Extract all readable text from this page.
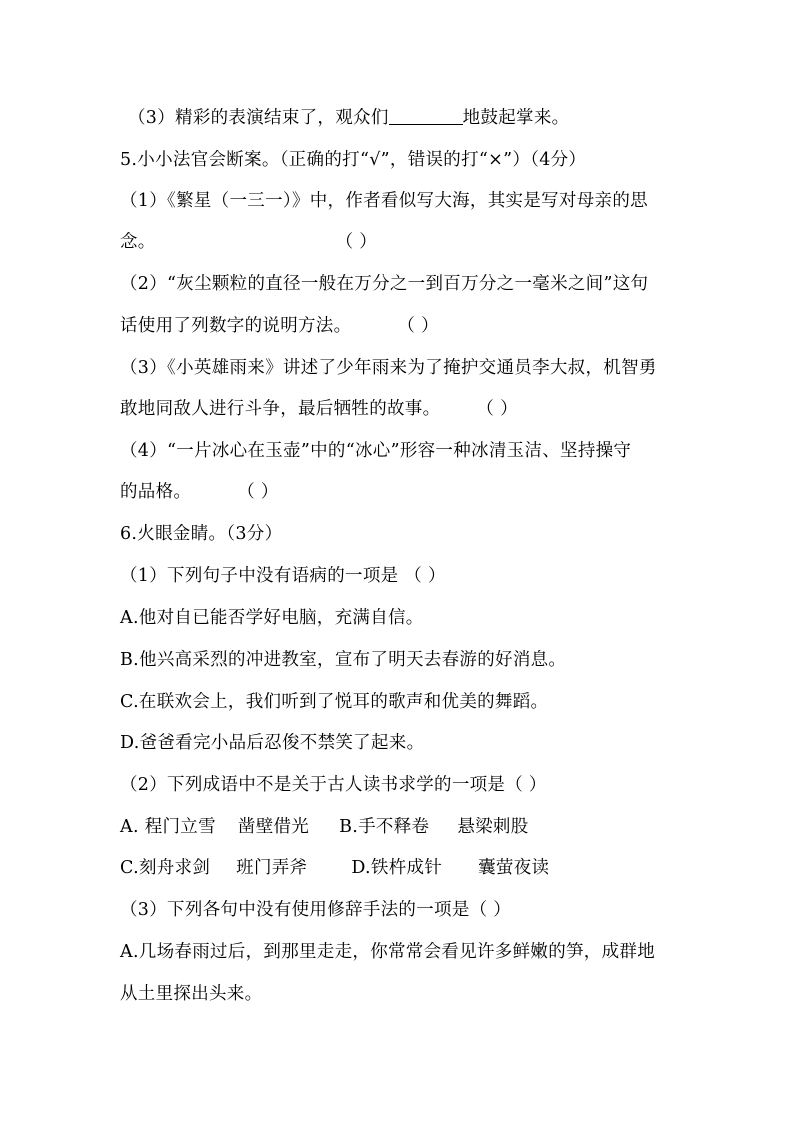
（3）精彩的表演结束了，观众们	地鼓起掌来。
5.小小法官会断案。（正确的打“√”，错误的打“×”）（4分）
（1）《繁星（一三一）》中，作者看似写大海，其实是写对母亲的思
念。	（ ）
（2）“灰尘颗粒的直径一般在万分之一到百万分之一毫米之间”这句
话使用了列数字的说明方法。	（ ）
（3）《小英雄雨来》讲述了少年雨来为了掩护交通员李大叔，机智勇
敢地同敌人进行斗争，最后牺牲的故事。 （ ）
（4）“一片冰心在玉壶”中的“冰心”形容一种冰清玉洁、坚持操守
的品格。	（ ）
6.火眼金睛。（3分）
（1）下列句子中没有语病的一项是 （ ）
A.他对自已能否学好电脑，充满自信。
B.他兴高采烈的冲进教室，宣布了明天去春游的好消息。
C.在联欢会上，我们听到了悦耳的歌声和优美的舞蹈。
D.爸爸看完小品后忍俊不禁笑了起来。
（2）下列成语中不是关于古人读书求学的一项是（ ）
A. 程门立雪 凿壁借光 B.手不释卷 悬梁刺股
C.刻舟求剑 班门弄斧	D.铁杵成针 囊萤夜读
（3）下列各句中没有使用修辞手法的一项是（ ）
A.几场春雨过后，到那里走走，你常常会看见许多鲜嫩的笋，成群地
从土里探出头来。
